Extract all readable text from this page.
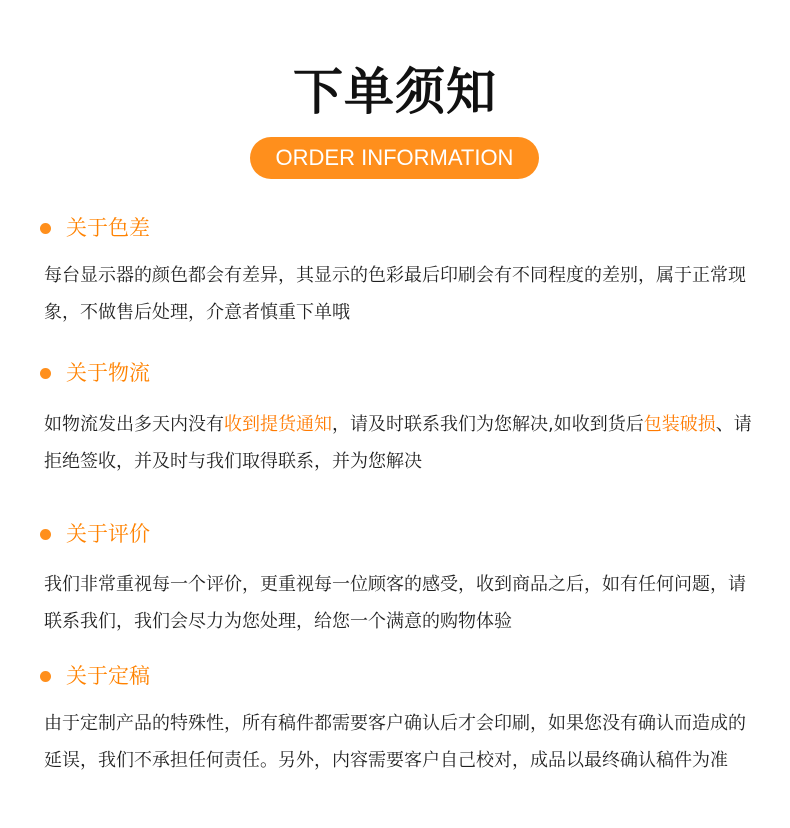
下单须知
ORDER INFORMATION
关于色差
每台显示器的颜色都会有差异，其显示的色彩最后印刷会有不同程度的差别，属于正常现象，不做售后处理，介意者慎重下单哦
关于物流
如物流发出多天内没有收到提货通知，请及时联系我们为您解决,如收到货后包装破损、请拒绝签收，并及时与我们取得联系，并为您解决
关于评价
我们非常重视每一个评价，更重视每一位顾客的感受，收到商品之后，如有任何问题，请联系我们，我们会尽力为您处理，给您一个满意的购物体验
关于定稿
由于定制产品的特殊性，所有稿件都需要客户确认后才会印刷，如果您没有确认而造成的延误，我们不承担任何责任。另外，内容需要客户自己校对，成品以最终确认稿件为准
